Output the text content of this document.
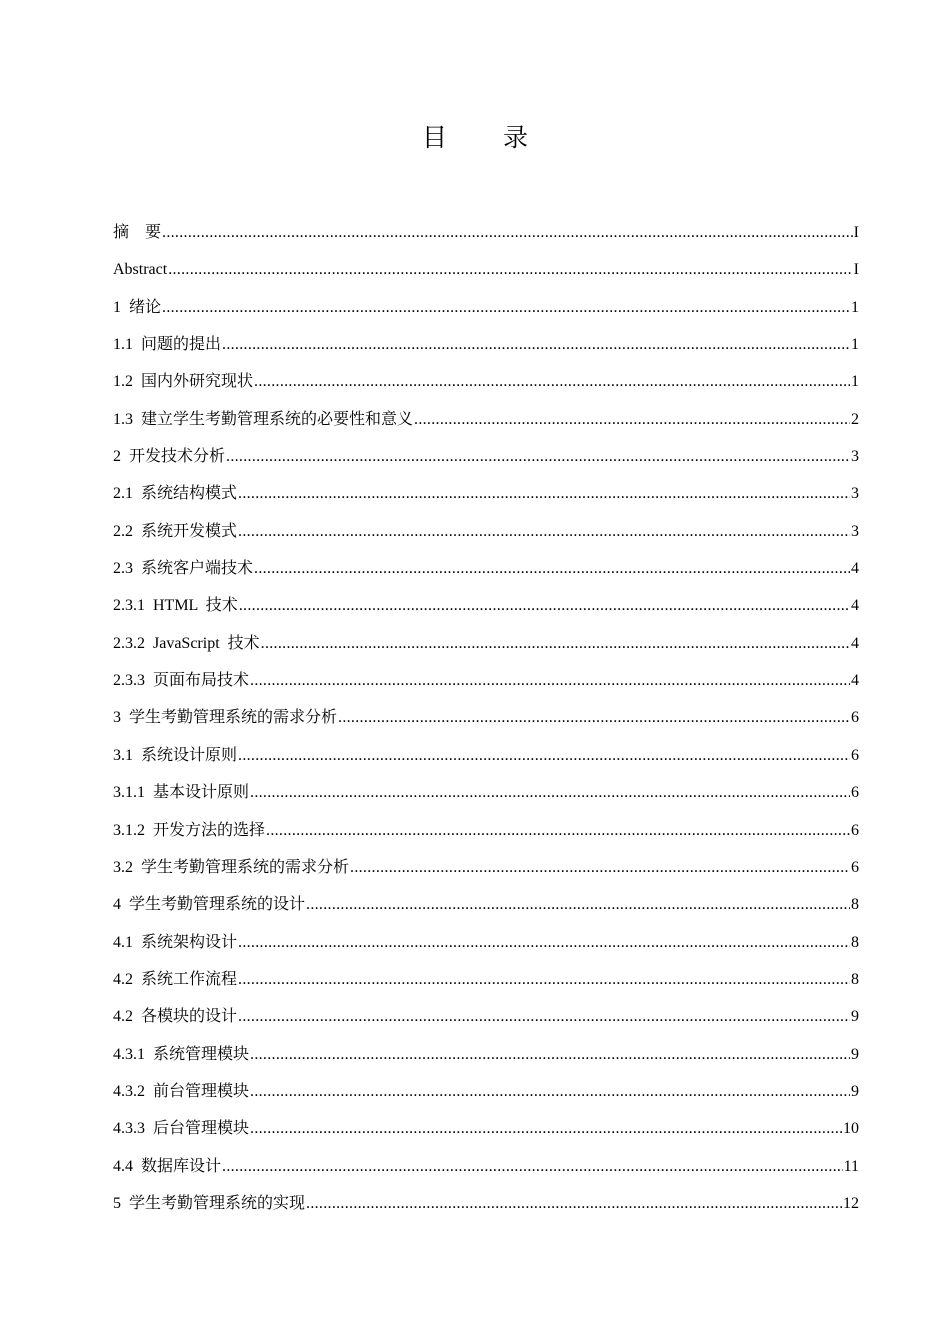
目 录
摘    要 .....	I
Abstract .....	I
1  绪论 .....	1
1.1  问题的提出 .....	1
1.2  国内外研究现状 .....	1
1.3  建立学生考勤管理系统的必要性和意义 .....	2
2  开发技术分析 .....	3
2.1  系统结构模式 .....	3
2.2  系统开发模式 .....	3
2.3  系统客户端技术 .....	4
2.3.1  HTML  技术 .....	4
2.3.2  JavaScript  技术 .....	4
2.3.3  页面布局技术 .....	4
3  学生考勤管理系统的需求分析 .....	6
3.1  系统设计原则 .....	6
3.1.1  基本设计原则 .....	6
3.1.2  开发方法的选择 .....	6
3.2  学生考勤管理系统的需求分析 .....	6
4  学生考勤管理系统的设计 .....	8
4.1  系统架构设计 .....	8
4.2  系统工作流程 .....	8
4.2  各模块的设计 .....	9
4.3.1  系统管理模块 .....	9
4.3.2  前台管理模块 .....	9
4.3.3  后台管理模块 .....	10
4.4  数据库设计 .....	11
5  学生考勤管理系统的实现 .....	12
